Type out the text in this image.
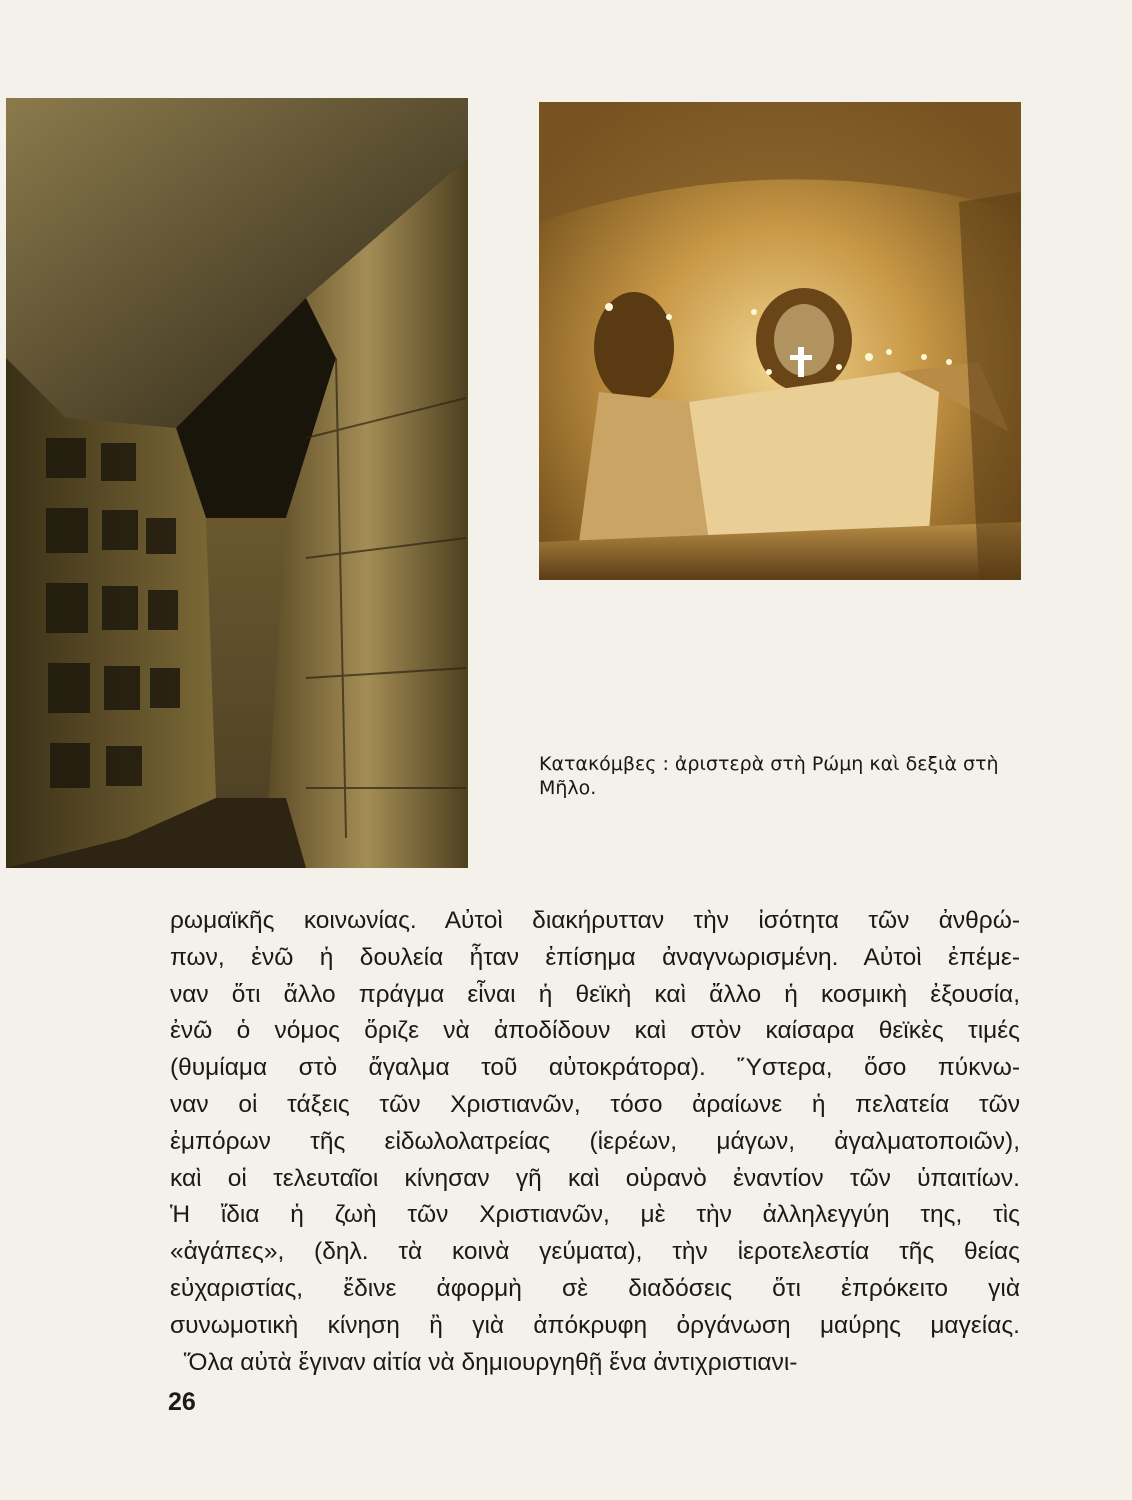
Κατακόμβες : ἀριστερὰ στὴ Ρώμη καὶ δεξιὰ στὴ Μῆλο.
ρωμαϊκῆς κοινωνίας. Αὐτοὶ διακήρυτταν τὴν ἰσότητα τῶν ἀνθρώ-
πων, ἐνῶ ἡ δουλεία ἦταν ἐπίσημα ἀναγνωρισμένη. Αὐτοὶ ἐπέμε-
ναν ὅτι ἄλλο πράγμα εἶναι ἡ θεϊκὴ καὶ ἄλλο ἡ κοσμικὴ ἐξουσία,
ἐνῶ ὁ νόμος ὅριζε νὰ ἀποδίδουν καὶ στὸν καίσαρα θεϊκὲς τιμές
(θυμίαμα στὸ ἄγαλμα τοῦ αὐτοκράτορα). Ὕστερα, ὅσο πύκνω-
ναν οἱ τάξεις τῶν Χριστιανῶν, τόσο ἀραίωνε ἡ πελατεία τῶν
ἐμπόρων τῆς εἰδωλολατρείας (ἱερέων, μάγων, ἀγαλματοποιῶν),
καὶ οἱ τελευταῖοι κίνησαν γῆ καὶ οὐρανὸ ἐναντίον τῶν ὑπαιτίων.
Ἡ ἴδια ἡ ζωὴ τῶν Χριστιανῶν, μὲ τὴν ἀλληλεγγύη της, τὶς
«ἀγάπες», (δηλ. τὰ κοινὰ γεύματα), τὴν ἱεροτελεστία τῆς θείας
εὐχαριστίας, ἔδινε ἀφορμὴ σὲ διαδόσεις ὅτι ἐπρόκειτο γιὰ
συνωμοτικὴ κίνηση ἢ γιὰ ἀπόκρυφη ὀργάνωση μαύρης μαγείας.
Ὅλα αὐτὰ ἔγιναν αἰτία νὰ δημιουργηθῇ ἕνα ἀντιχριστιανι-
26
